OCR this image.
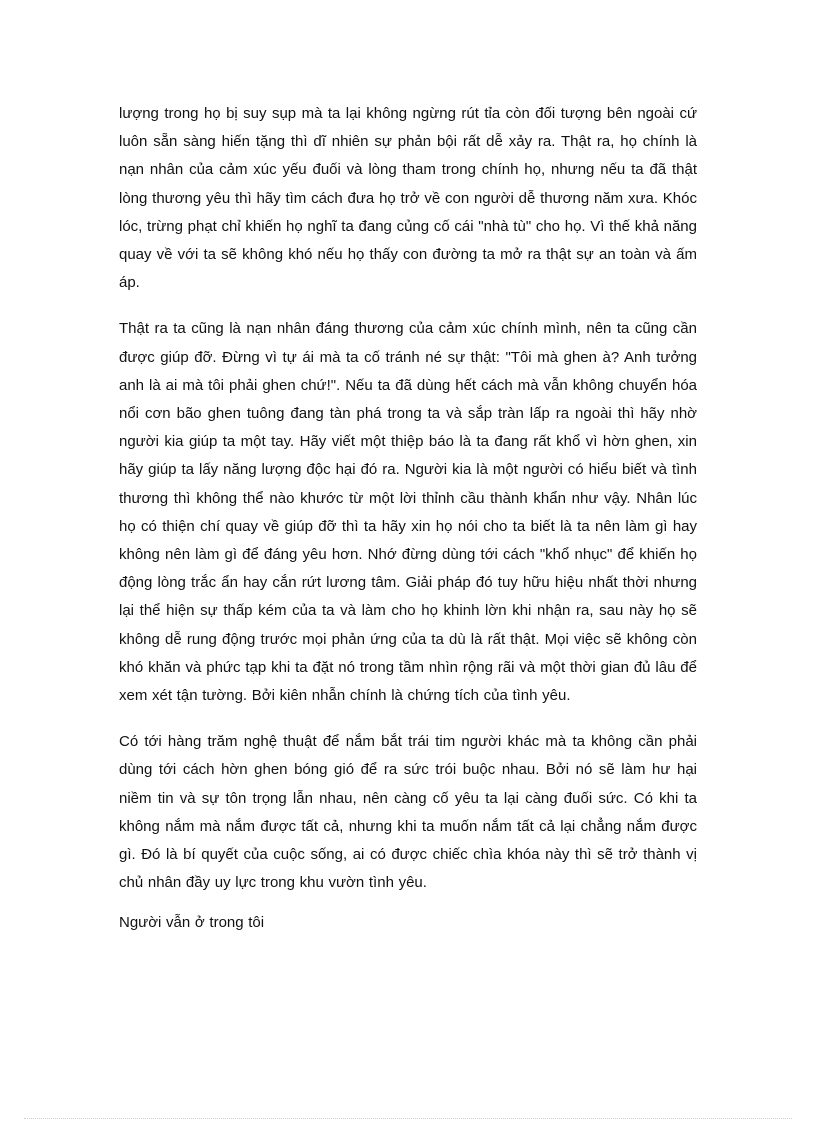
lượng trong họ bị suy sụp mà ta lại không ngừng rút tỉa còn đối tượng bên ngoài cứ luôn sẵn sàng hiến tặng thì dĩ nhiên sự phản bội rất dễ xảy ra. Thật ra, họ chính là nạn nhân của cảm xúc yếu đuối và lòng tham trong chính họ, nhưng nếu ta đã thật lòng thương yêu thì hãy tìm cách đưa họ trở về con người dễ thương năm xưa. Khóc lóc, trừng phạt chỉ khiến họ nghĩ ta đang củng cố cái "nhà tù" cho họ. Vì thế khả năng quay về với ta sẽ không khó nếu họ thấy con đường ta mở ra thật sự an toàn và ấm áp.

Thật ra ta cũng là nạn nhân đáng thương của cảm xúc chính mình, nên ta cũng cần được giúp đỡ. Đừng vì tự ái mà ta cố tránh né sự thật: "Tôi mà ghen à? Anh tưởng anh là ai mà tôi phải ghen chứ!". Nếu ta đã dùng hết cách mà vẫn không chuyển hóa nổi cơn bão ghen tuông đang tàn phá trong ta và sắp tràn lấp ra ngoài thì hãy nhờ người kia giúp ta một tay. Hãy viết một thiệp báo là ta đang rất khổ vì hờn ghen, xin hãy giúp ta lấy năng lượng độc hại đó ra. Người kia là một người có hiểu biết và tình thương thì không thể nào khước từ một lời thỉnh cầu thành khẩn như vậy. Nhân lúc họ có thiện chí quay về giúp đỡ thì ta hãy xin họ nói cho ta biết là ta nên làm gì hay không nên làm gì để đáng yêu hơn. Nhớ đừng dùng tới cách "khổ nhục" để khiến họ động lòng trắc ẩn hay cắn rứt lương tâm. Giải pháp đó tuy hữu hiệu nhất thời nhưng lại thể hiện sự thấp kém của ta và làm cho họ khinh lờn khi nhận ra, sau này họ sẽ không dễ rung động trước mọi phản ứng của ta dù là rất thật. Mọi việc sẽ không còn khó khăn và phức tạp khi ta đặt nó trong tầm nhìn rộng rãi và một thời gian đủ lâu để xem xét tận tường. Bởi kiên nhẫn chính là chứng tích của tình yêu.

Có tới hàng trăm nghệ thuật để nắm bắt trái tim người khác mà ta không cần phải dùng tới cách hờn ghen bóng gió để ra sức trói buộc nhau. Bởi nó sẽ làm hư hại niềm tin và sự tôn trọng lẫn nhau, nên càng cố yêu ta lại càng đuối sức. Có khi ta không nắm mà nắm được tất cả, nhưng khi ta muốn nắm tất cả lại chẳng nắm được gì. Đó là bí quyết của cuộc sống, ai có được chiếc chìa khóa này thì sẽ trở thành vị chủ nhân đầy uy lực trong khu vườn tình yêu.

Người vẫn ở trong tôi
